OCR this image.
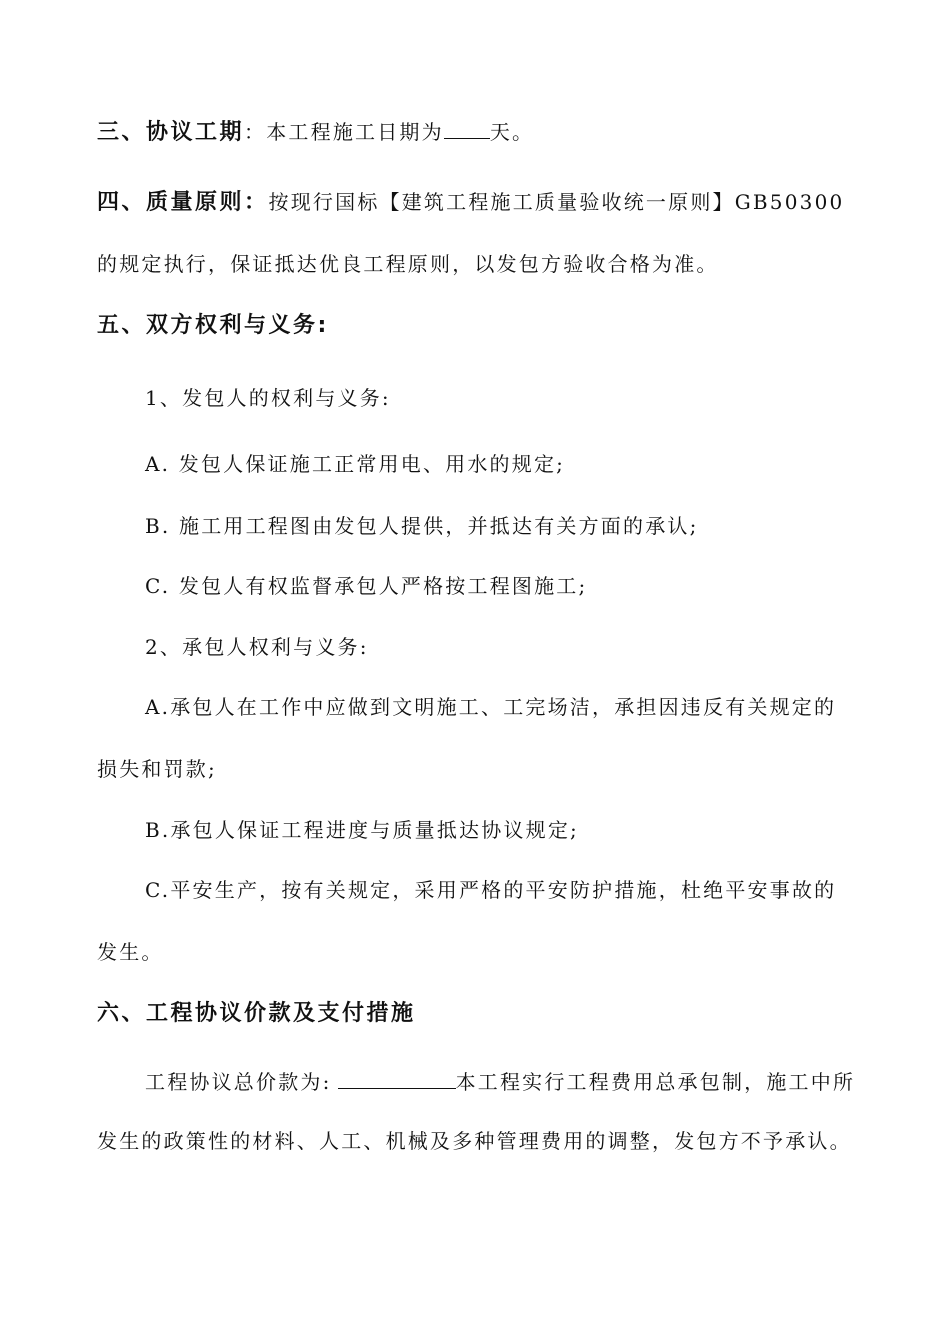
三、协议工期：本工程施工日期为 天。
四、质量原则：按现行国标【建筑工程施工质量验收统一原则】GB50300
的规定执行，保证抵达优良工程原则，以发包方验收合格为准。
五、双方权利与义务:
1、发包人的权利与义务:
A. 发包人保证施工正常用电、用水的规定;
B. 施工用工程图由发包人提供，并抵达有关方面的承认;
C. 发包人有权监督承包人严格按工程图施工;
2、承包人权利与义务:
A.承包人在工作中应做到文明施工、工完场洁，承担因违反有关规定的
损失和罚款;
B.承包人保证工程进度与质量抵达协议规定;
C.平安生产，按有关规定，采用严格的平安防护措施，杜绝平安事故的
发生。
六、工程协议价款及支付措施
工程协议总价款为:	本工程实行工程费用总承包制，施工中所
发生的政策性的材料、人工、机械及多种管理费用的调整，发包方不予承认。
